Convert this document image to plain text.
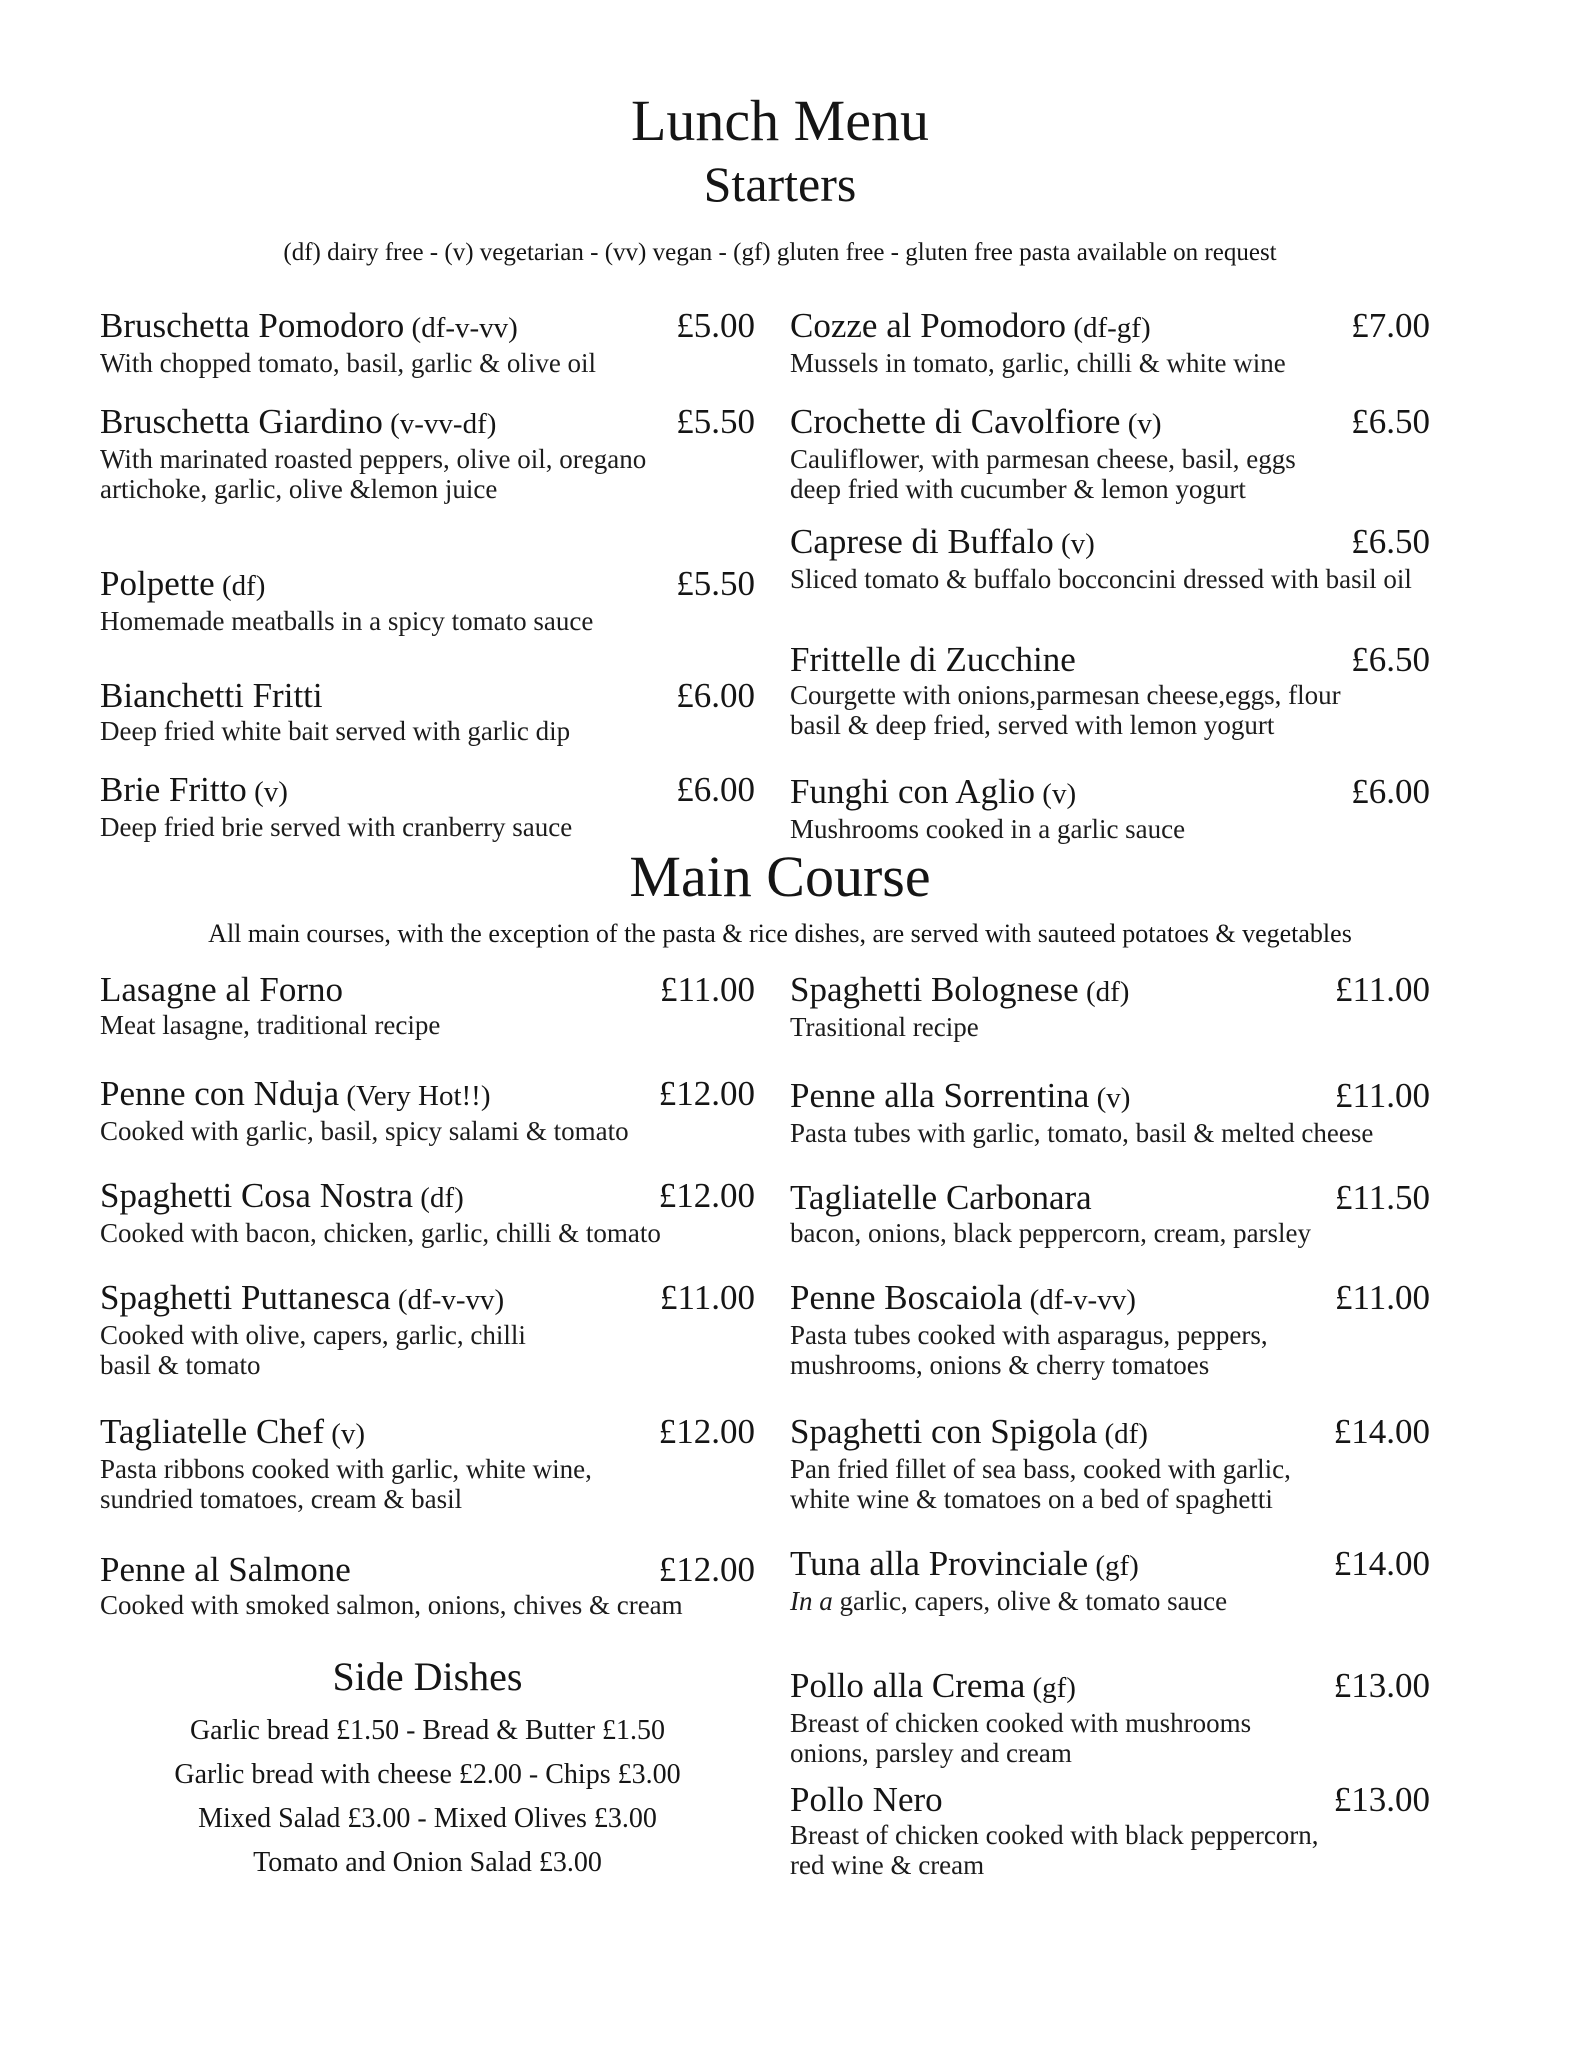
Lunch Menu
Starters
(df) dairy free - (v) vegetarian - (vv) vegan - (gf) gluten free - gluten free pasta available on request
Bruschetta Pomodoro (df-v-vv)	£5.00
With chopped tomato, basil, garlic & olive oil
Bruschetta Giardino (v-vv-df)	£5.50
With marinated roasted peppers, olive oil, oregano
artichoke, garlic, olive &lemon juice
Polpette (df)	£5.50
Homemade meatballs in a spicy tomato sauce
Bianchetti Fritti	£6.00
Deep fried white bait served with garlic dip
Brie Fritto (v)	£6.00
Deep fried brie served with cranberry sauce
Cozze al Pomodoro (df-gf)	£7.00
Mussels in tomato, garlic, chilli & white wine
Crochette di Cavolfiore (v)	£6.50
Cauliflower, with parmesan cheese, basil, eggs
deep fried with cucumber & lemon yogurt
Caprese di Buffalo (v)	£6.50
Sliced tomato & buffalo bocconcini dressed with basil oil
Frittelle di Zucchine	£6.50
Courgette with onions,parmesan cheese,eggs, flour
basil & deep fried, served with lemon yogurt
Funghi con Aglio (v)	£6.00
Mushrooms cooked in a garlic sauce
Main Course
All main courses, with the exception of the pasta & rice dishes, are served with sauteed potatoes & vegetables
Lasagne al Forno	£11.00
Meat lasagne, traditional recipe
Penne con Nduja (Very Hot!!)	£12.00
Cooked with garlic, basil, spicy salami & tomato
Spaghetti Cosa Nostra (df)	£12.00
Cooked with bacon, chicken, garlic, chilli & tomato
Spaghetti Puttanesca (df-v-vv)	£11.00
Cooked with olive, capers, garlic, chilli
basil & tomato
Tagliatelle Chef (v)	£12.00
Pasta ribbons cooked with garlic, white wine,
sundried tomatoes, cream & basil
Penne al Salmone	£12.00
Cooked with smoked salmon, onions, chives & cream
Side Dishes
Garlic bread £1.50 - Bread & Butter £1.50
Garlic bread with cheese £2.00 - Chips £3.00
Mixed Salad £3.00 - Mixed Olives £3.00
Tomato and Onion Salad £3.00
Spaghetti Bolognese (df)	£11.00
Trasitional recipe
Penne alla Sorrentina (v)	£11.00
Pasta tubes with garlic, tomato, basil & melted cheese
Tagliatelle Carbonara	£11.50
bacon, onions, black peppercorn, cream, parsley
Penne Boscaiola (df-v-vv)	£11.00
Pasta tubes cooked with asparagus, peppers,
mushrooms, onions & cherry tomatoes
Spaghetti con Spigola (df)	£14.00
Pan fried fillet of sea bass, cooked with garlic,
white wine & tomatoes on a bed of spaghetti
Tuna alla Provinciale (gf)	£14.00
In a garlic, capers, olive & tomato sauce
Pollo alla Crema (gf)	£13.00
Breast of chicken cooked with mushrooms
onions, parsley and cream
Pollo Nero	£13.00
Breast of chicken cooked with black peppercorn,
red wine & cream
